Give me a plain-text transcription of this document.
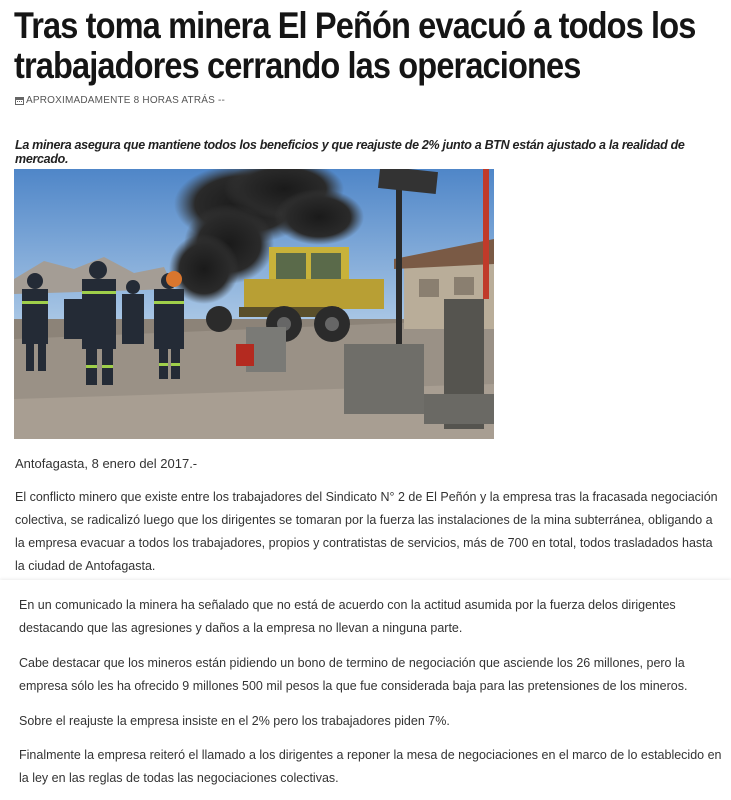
Tras toma minera El Peñón evacuó a todos los trabajadores cerrando las operaciones
APROXIMADAMENTE 8 HORAS ATRÁS --

La minera asegura que mantiene todos los beneficios y que reajuste de 2% junto a BTN están ajustado a la realidad de mercado.

Antofagasta, 8 enero del 2017.-

El conflicto minero que existe entre los trabajadores del Sindicato N° 2 de El Peñón y la empresa tras la fracasada negociación colectiva, se radicalizó luego que los dirigentes se tomaran por la fuerza las instalaciones de la mina subterránea, obligando a la empresa evacuar a todos los trabajadores, propios y contratistas de servicios, más de 700 en total, todos trasladados hasta la ciudad de Antofagasta.

En un comunicado la minera ha señalado que no está de acuerdo con la actitud asumida por la fuerza delos dirigentes destacando que las agresiones y daños a la empresa no llevan a ninguna parte.

Cabe destacar que los mineros están pidiendo un bono de termino de negociación que asciende los 26 millones, pero la empresa sólo les ha ofrecido 9 millones 500 mil pesos la que fue considerada baja para las pretensiones de los mineros.

Sobre el reajuste la empresa insiste en el 2% pero los trabajadores piden 7%.

Finalmente la empresa reiteró el llamado a los dirigentes a reponer la mesa de negociaciones en el marco de lo establecido en la ley en las reglas de todas las negociaciones colectivas.
